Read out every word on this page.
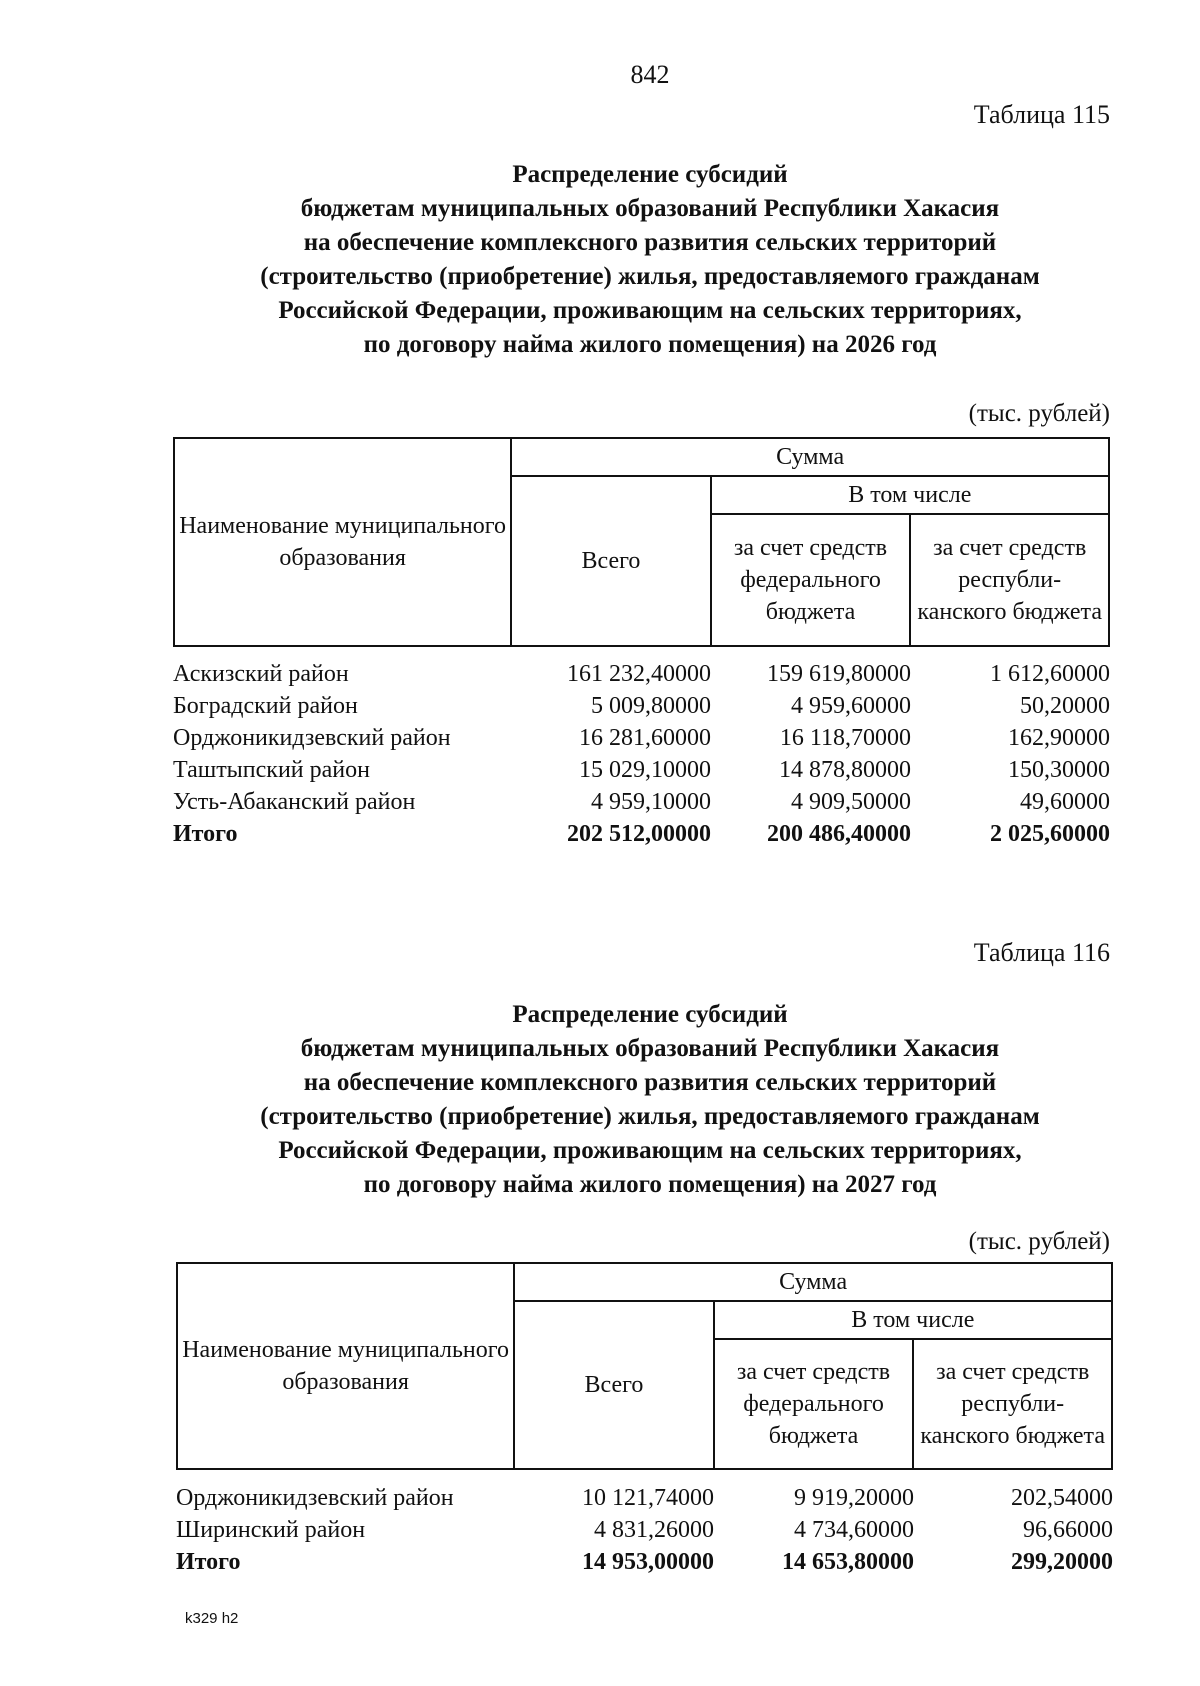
842
Таблица 115
Распределение субсидий
бюджетам муниципальных образований Республики Хакасия
на обеспечение комплексного развития сельских территорий
(строительство (приобретение) жилья, предоставляемого гражданам
Российской Федерации, проживающим на сельских территориях,
по договору найма жилого помещения) на 2026 год
(тыс. рублей)
Наименование муниципального образования	Сумма		
	Всего	В том числе	
		за счет средств федерального бюджета	за счет средств республи-канского бюджета
Аскизский район	161 232,40000	159 619,80000	1 612,60000
Боградский район	5 009,80000	4 959,60000	50,20000
Орджоникидзевский район	16 281,60000	16 118,70000	162,90000
Таштыпский район	15 029,10000	14 878,80000	150,30000
Усть-Абаканский район	4 959,10000	4 909,50000	49,60000
Итого	202 512,00000	200 486,40000	2 025,60000
Таблица 116
Распределение субсидий
бюджетам муниципальных образований Республики Хакасия
на обеспечение комплексного развития сельских территорий
(строительство (приобретение) жилья, предоставляемого гражданам
Российской Федерации, проживающим на сельских территориях,
по договору найма жилого помещения) на 2027 год
(тыс. рублей)
Наименование муниципального образования	Сумма		
	Всего	В том числе	
		за счет средств федерального бюджета	за счет средств республи-канского бюджета
Орджоникидзевский район	10 121,74000	9 919,20000	202,54000
Ширинский район	4 831,26000	4 734,60000	96,66000
Итого	14 953,00000	14 653,80000	299,20000
k329 h2
